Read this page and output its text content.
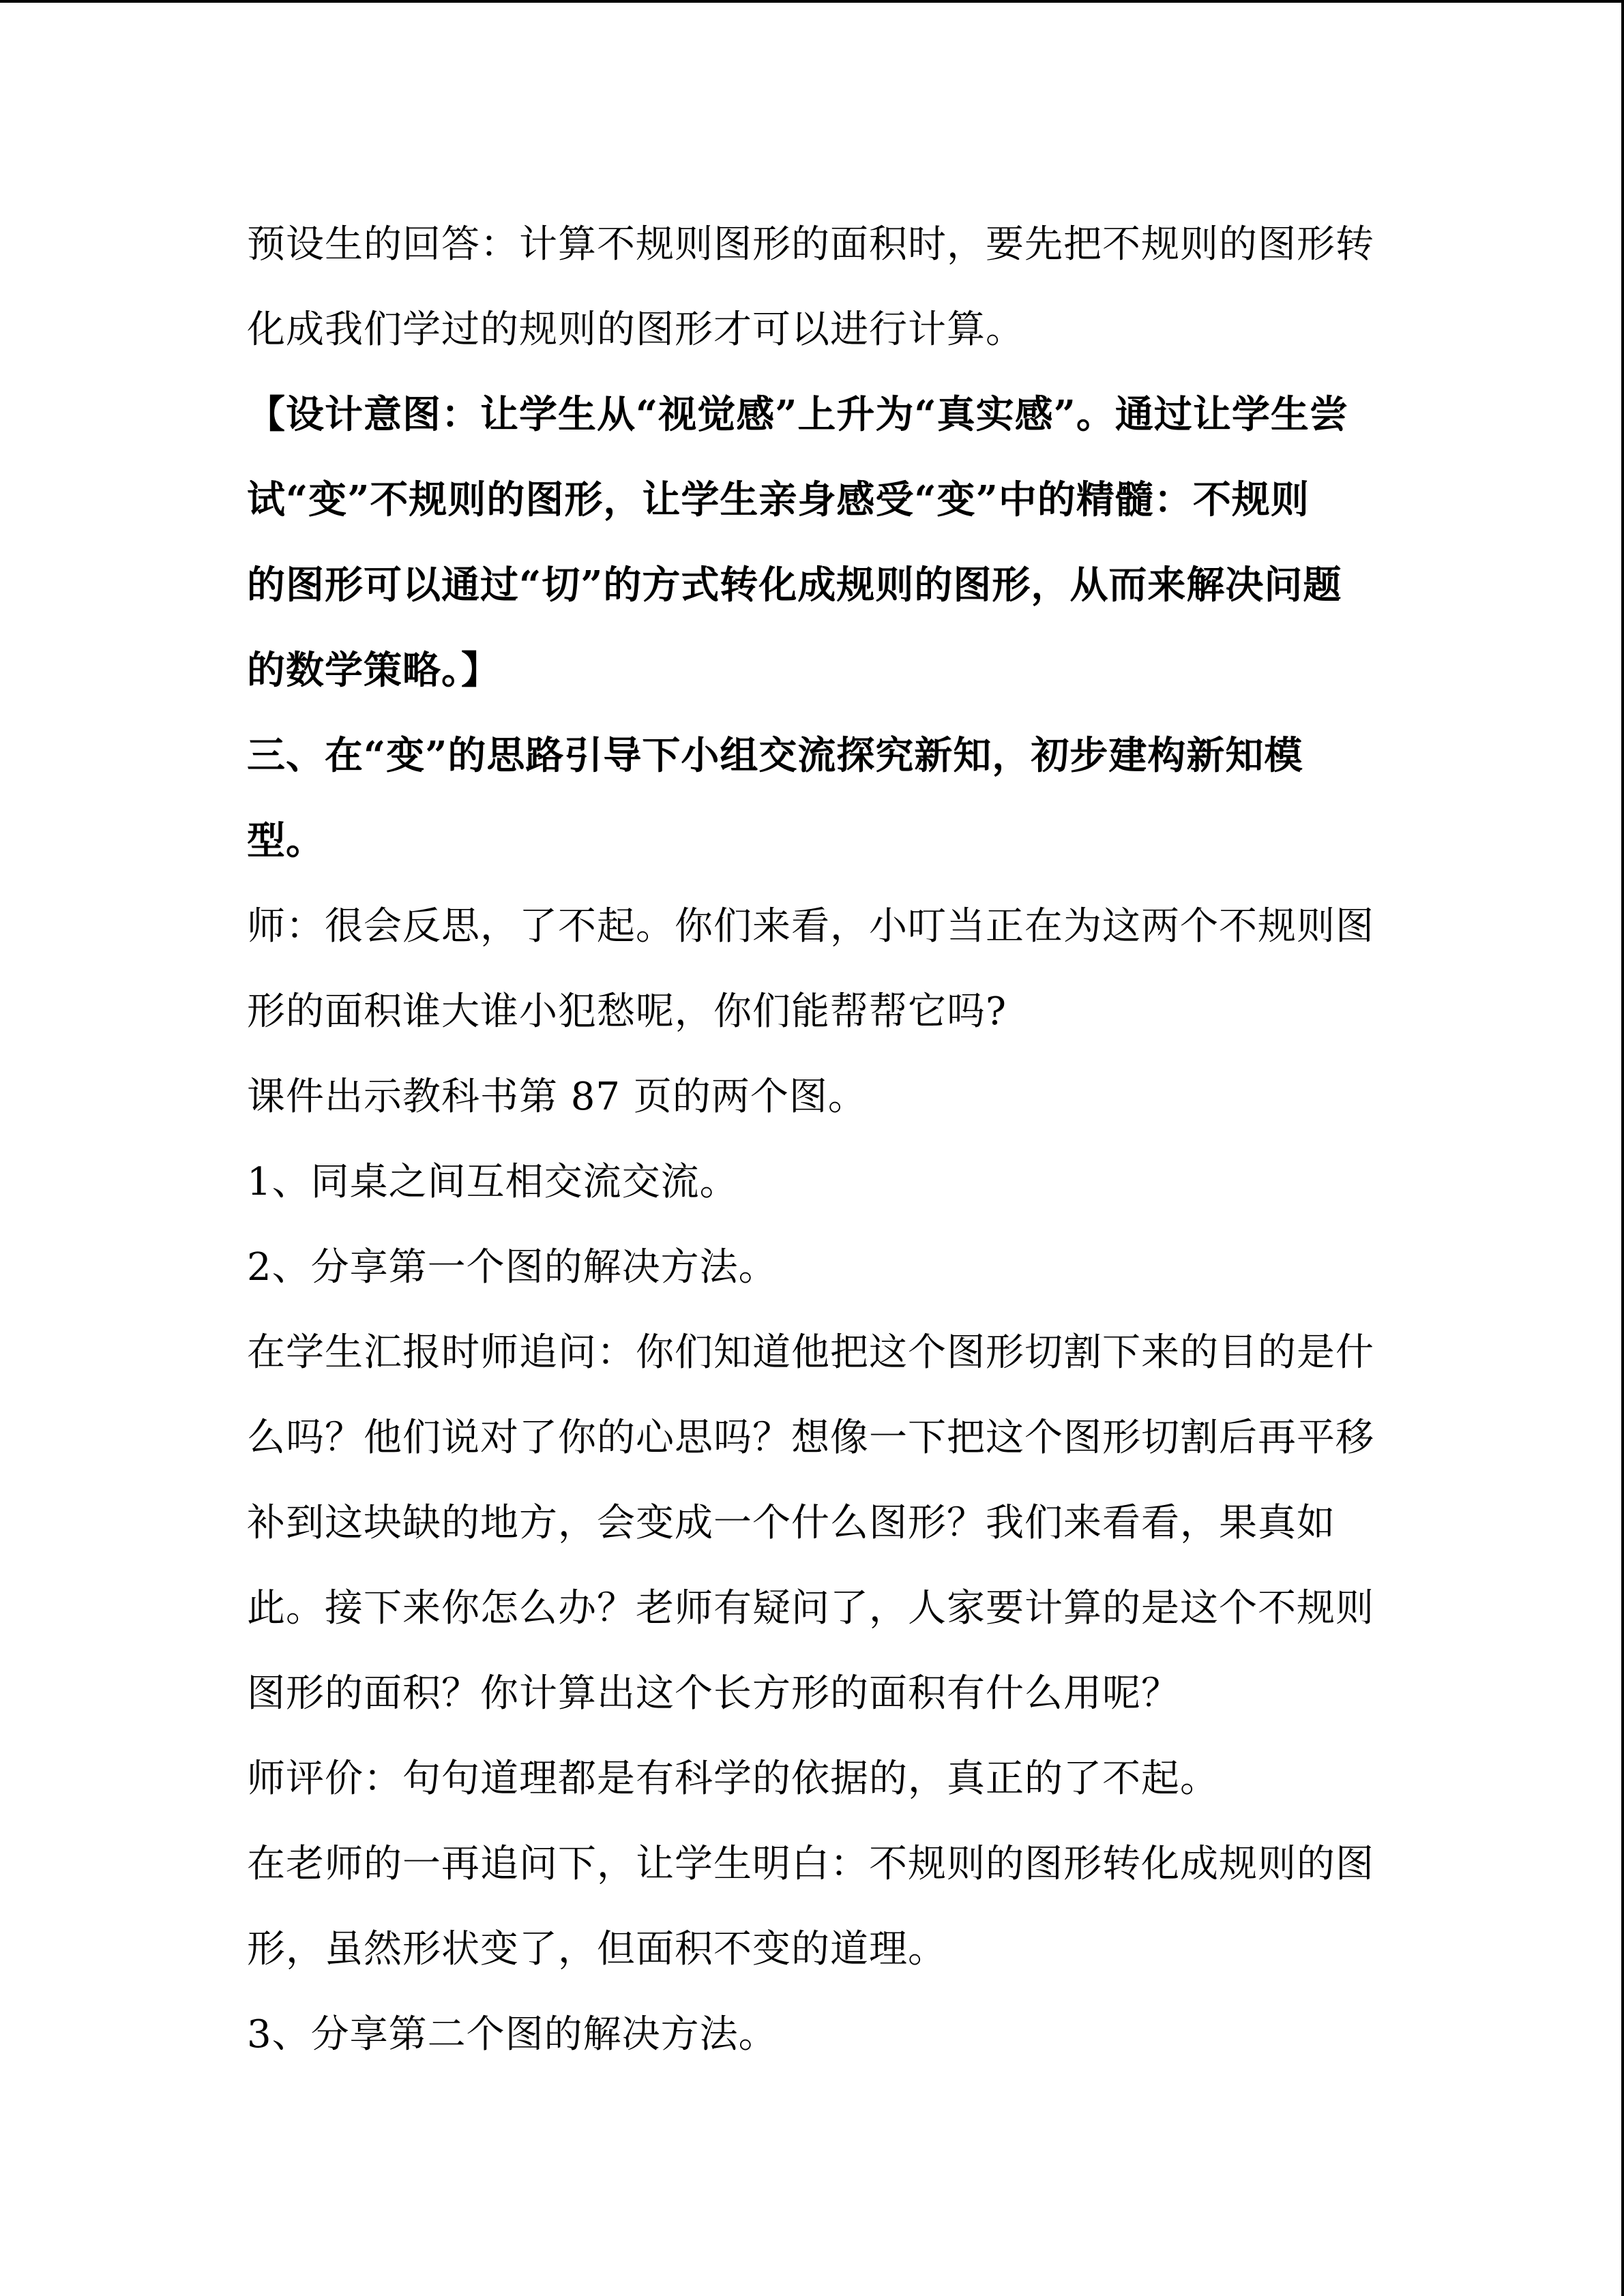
预设生的回答：计算不规则图形的面积时，要先把不规则的图形转
化成我们学过的规则的图形才可以进行计算。
【设计意图：让学生从“视觉感”上升为“真实感”。通过让学生尝
试“变”不规则的图形，让学生亲身感受“变”中的精髓：不规则
的图形可以通过“切”的方式转化成规则的图形，从而来解决问题
的数学策略。】
三、在“变”的思路引导下小组交流探究新知，初步建构新知模
型。
师：很会反思，了不起。你们来看，小叮当正在为这两个不规则图
形的面积谁大谁小犯愁呢，你们能帮帮它吗?
课件出示教科书第 87 页的两个图。
1、同桌之间互相交流交流。
2、分享第一个图的解决方法。
在学生汇报时师追问：你们知道他把这个图形切割下来的目的是什
么吗？他们说对了你的心思吗？想像一下把这个图形切割后再平移
补到这块缺的地方，会变成一个什么图形？我们来看看，果真如
此。接下来你怎么办？老师有疑问了，人家要计算的是这个不规则
图形的面积？你计算出这个长方形的面积有什么用呢？
师评价：句句道理都是有科学的依据的，真正的了不起。
在老师的一再追问下，让学生明白：不规则的图形转化成规则的图
形，虽然形状变了，但面积不变的道理。
3、分享第二个图的解决方法。
